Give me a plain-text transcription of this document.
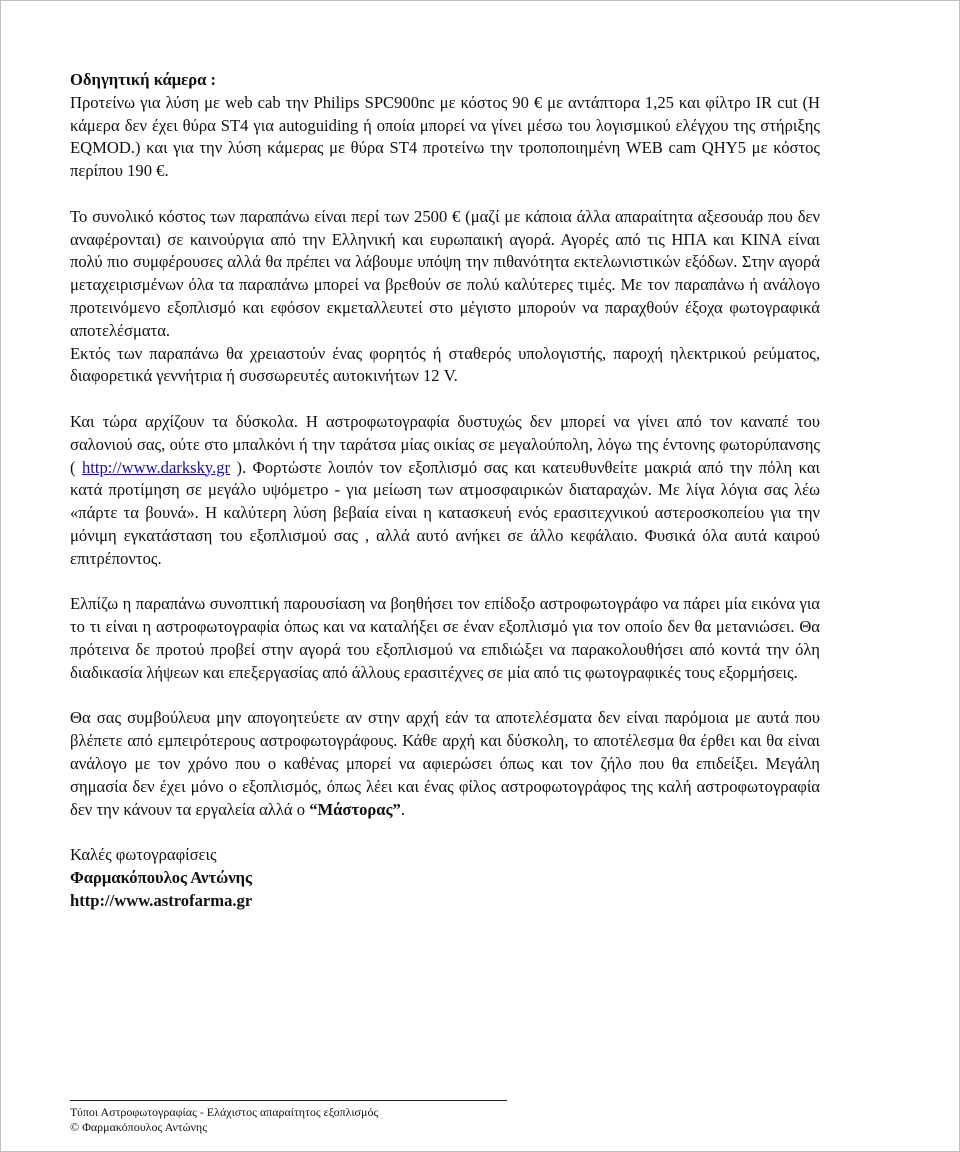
Οδηγητική κάμερα :

Προτείνω για λύση με web cab την Philips SPC900nc με κόστος 90 € με αντάπτορα 1,25 και φίλτρο IR cut (Η κάμερα δεν έχει θύρα ST4 για autoguiding ή οποία μπορεί να γίνει μέσω του λογισμικού ελέγχου της στήριξης EQMOD.) και για την λύση κάμερας με θύρα ST4 προτείνω την τροποποιημένη WEB cam QHY5 με κόστος περίπου 190 €.

Το συνολικό κόστος των παραπάνω είναι περί των 2500 € (μαζί με κάποια άλλα απαραίτητα αξεσουάρ που δεν αναφέρονται) σε καινούργια από την Ελληνική και ευρωπαική αγορά. Αγορές από τις ΗΠΑ και ΚΙΝΑ είναι πολύ πιο συμφέρουσες αλλά θα πρέπει να λάβουμε υπόψη την πιθανότητα εκτελωνιστικών εξόδων. Στην αγορά μεταχειρισμένων όλα τα παραπάνω μπορεί να βρεθούν σε πολύ καλύτερες τιμές. Με τον παραπάνω ή ανάλογο προτεινόμενο εξοπλισμό και εφόσον εκμεταλλευτεί στο μέγιστο μπορούν να παραχθούν έξοχα φωτογραφικά αποτελέσματα.

Εκτός των παραπάνω θα χρειαστούν ένας φορητός ή σταθερός υπολογιστής, παροχή ηλεκτρικού ρεύματος, διαφορετικά γεννήτρια ή συσσωρευτές αυτοκινήτων 12 V.

Και τώρα αρχίζουν τα δύσκολα. Η αστροφωτογραφία δυστυχώς δεν μπορεί να γίνει από τον καναπέ του σαλονιού σας, ούτε στο μπαλκόνι ή την ταράτσα μίας οικίας σε μεγαλούπολη, λόγω της έντονης φωτορύπανσης ( http://www.darksky.gr ). Φορτώστε λοιπόν τον εξοπλισμό σας και κατευθυνθείτε μακριά από την πόλη και κατά προτίμηση σε μεγάλο υψόμετρο - για μείωση των ατμοσφαιρικών διαταραχών. Με λίγα λόγια σας λέω «πάρτε τα βουνά». Η καλύτερη λύση βεβαία είναι η κατασκευή ενός ερασιτεχνικού αστεροσκοπείου για την μόνιμη εγκατάσταση του εξοπλισμού σας , αλλά αυτό ανήκει σε άλλο κεφάλαιο. Φυσικά όλα αυτά καιρού επιτρέποντος.

Ελπίζω η παραπάνω συνοπτική παρουσίαση να βοηθήσει τον επίδοξο αστροφωτογράφο να πάρει μία εικόνα για το τι είναι η αστροφωτογραφία όπως και να καταλήξει σε έναν εξοπλισμό για τον οποίο δεν θα μετανιώσει. Θα πρότεινα δε προτού προβεί στην αγορά του εξοπλισμού να επιδιώξει να παρακολουθήσει από κοντά την όλη διαδικασία λήψεων και επεξεργασίας από άλλους ερασιτέχνες σε μία από τις φωτογραφικές τους εξορμήσεις.

Θα σας συμβούλευα μην απογοητεύετε αν στην αρχή εάν τα αποτελέσματα δεν είναι παρόμοια με αυτά που βλέπετε από εμπειρότερους αστροφωτογράφους. Κάθε αρχή και δύσκολη, το αποτέλεσμα θα έρθει και θα είναι ανάλογο με τον χρόνο που ο καθένας μπορεί να αφιερώσει όπως και τον ζήλο που θα επιδείξει. Μεγάλη σημασία δεν έχει μόνο ο εξοπλισμός, όπως λέει και ένας φίλος αστροφωτογράφος της καλή αστροφωτογραφία δεν την κάνουν τα εργαλεία αλλά ο “Μάστορας”.

Καλές φωτογραφίσεις
Φαρμακόπουλος Αντώνης
http://www.astrofarma.gr
Τύποι Αστροφωτογραφίας - Ελάχιστος απαραίτητος εξοπλισμός
© Φαρμακόπουλος Αντώνης
